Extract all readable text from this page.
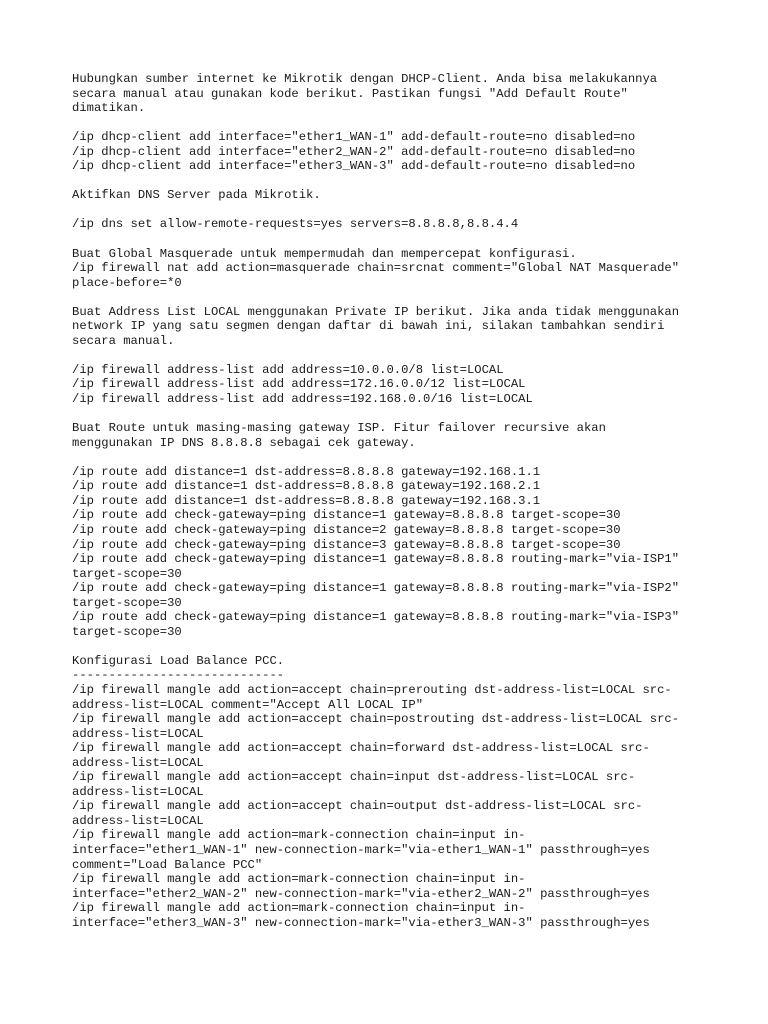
Hubungkan sumber internet ke Mikrotik dengan DHCP-Client. Anda bisa melakukannya
secara manual atau gunakan kode berikut. Pastikan fungsi "Add Default Route"
dimatikan.
/ip dhcp-client add interface="ether1_WAN-1" add-default-route=no disabled=no
/ip dhcp-client add interface="ether2_WAN-2" add-default-route=no disabled=no
/ip dhcp-client add interface="ether3_WAN-3" add-default-route=no disabled=no
Aktifkan DNS Server pada Mikrotik.
/ip dns set allow-remote-requests=yes servers=8.8.8.8,8.8.4.4
Buat Global Masquerade untuk mempermudah dan mempercepat konfigurasi.
/ip firewall nat add action=masquerade chain=srcnat comment="Global NAT Masquerade"
place-before=*0
Buat Address List LOCAL menggunakan Private IP berikut. Jika anda tidak menggunakan
network IP yang satu segmen dengan daftar di bawah ini, silakan tambahkan sendiri
secara manual.
/ip firewall address-list add address=10.0.0.0/8 list=LOCAL
/ip firewall address-list add address=172.16.0.0/12 list=LOCAL
/ip firewall address-list add address=192.168.0.0/16 list=LOCAL
Buat Route untuk masing-masing gateway ISP. Fitur failover recursive akan
menggunakan IP DNS 8.8.8.8 sebagai cek gateway.
/ip route add distance=1 dst-address=8.8.8.8 gateway=192.168.1.1
/ip route add distance=1 dst-address=8.8.8.8 gateway=192.168.2.1
/ip route add distance=1 dst-address=8.8.8.8 gateway=192.168.3.1
/ip route add check-gateway=ping distance=1 gateway=8.8.8.8 target-scope=30
/ip route add check-gateway=ping distance=2 gateway=8.8.8.8 target-scope=30
/ip route add check-gateway=ping distance=3 gateway=8.8.8.8 target-scope=30
/ip route add check-gateway=ping distance=1 gateway=8.8.8.8 routing-mark="via-ISP1"
target-scope=30
/ip route add check-gateway=ping distance=1 gateway=8.8.8.8 routing-mark="via-ISP2"
target-scope=30
/ip route add check-gateway=ping distance=1 gateway=8.8.8.8 routing-mark="via-ISP3"
target-scope=30
Konfigurasi Load Balance PCC.
-----------------------------
/ip firewall mangle add action=accept chain=prerouting dst-address-list=LOCAL src-
address-list=LOCAL comment="Accept All LOCAL IP"
/ip firewall mangle add action=accept chain=postrouting dst-address-list=LOCAL src-
address-list=LOCAL
/ip firewall mangle add action=accept chain=forward dst-address-list=LOCAL src-
address-list=LOCAL
/ip firewall mangle add action=accept chain=input dst-address-list=LOCAL src-
address-list=LOCAL
/ip firewall mangle add action=accept chain=output dst-address-list=LOCAL src-
address-list=LOCAL
/ip firewall mangle add action=mark-connection chain=input in-
interface="ether1_WAN-1" new-connection-mark="via-ether1_WAN-1" passthrough=yes
comment="Load Balance PCC"
/ip firewall mangle add action=mark-connection chain=input in-
interface="ether2_WAN-2" new-connection-mark="via-ether2_WAN-2" passthrough=yes
/ip firewall mangle add action=mark-connection chain=input in-
interface="ether3_WAN-3" new-connection-mark="via-ether3_WAN-3" passthrough=yes
